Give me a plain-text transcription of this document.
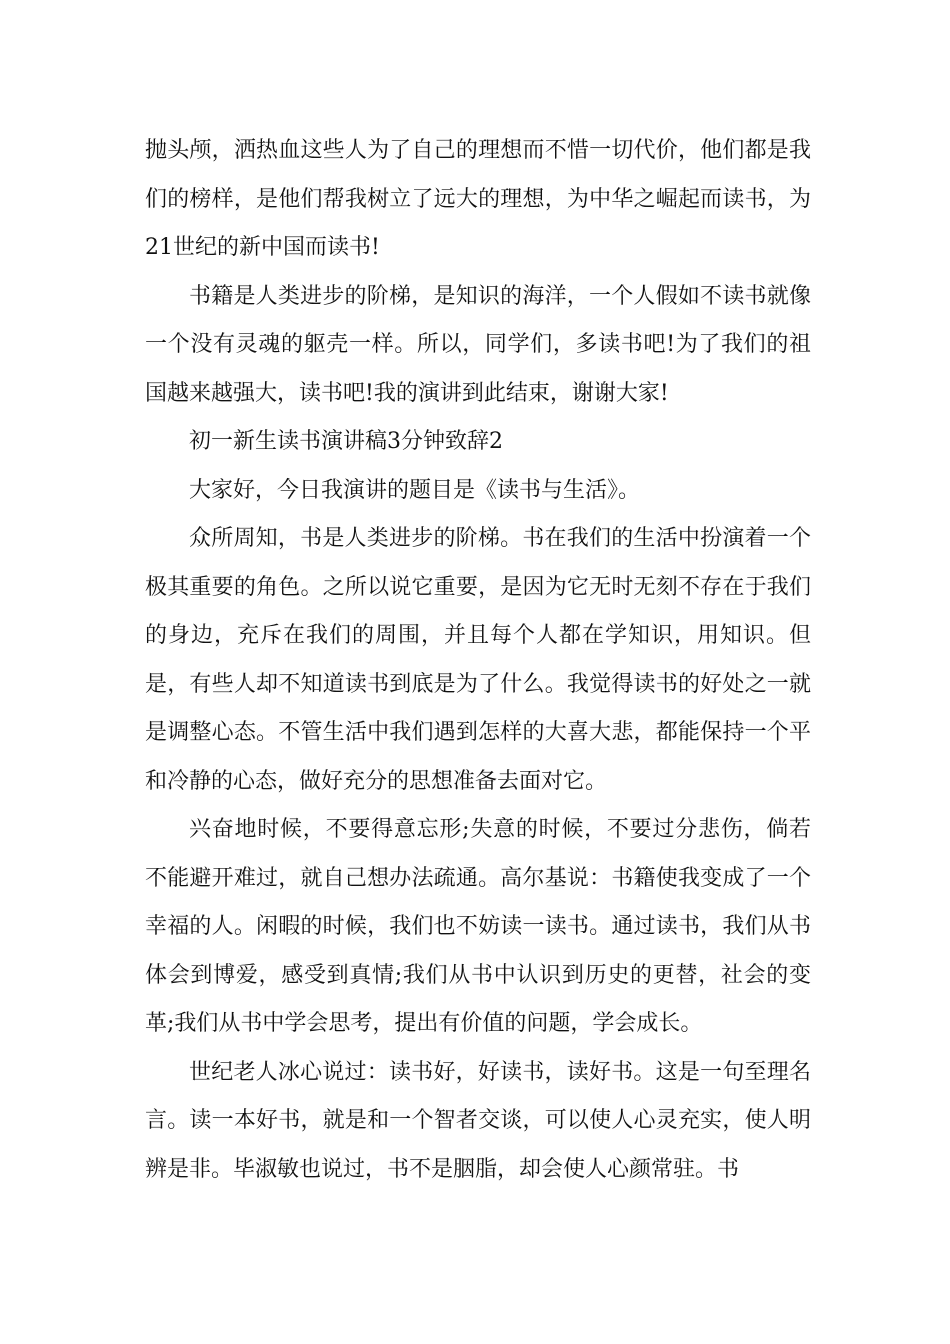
抛头颅，洒热血这些人为了自己的理想而不惜一切代价，他们都是我们的榜样，是他们帮我树立了远大的理想，为中华之崛起而读书，为21世纪的新中国而读书!

书籍是人类进步的阶梯，是知识的海洋，一个人假如不读书就像一个没有灵魂的躯壳一样。所以，同学们，多读书吧!为了我们的祖国越来越强大，读书吧!我的演讲到此结束，谢谢大家!

初一新生读书演讲稿3分钟致辞2

大家好，今日我演讲的题目是《读书与生活》。

众所周知，书是人类进步的阶梯。书在我们的生活中扮演着一个极其重要的角色。之所以说它重要，是因为它无时无刻不存在于我们的身边，充斥在我们的周围，并且每个人都在学知识，用知识。但是，有些人却不知道读书到底是为了什么。我觉得读书的好处之一就是调整心态。不管生活中我们遇到怎样的大喜大悲，都能保持一个平和冷静的心态，做好充分的思想准备去面对它。

兴奋地时候，不要得意忘形;失意的时候，不要过分悲伤，倘若不能避开难过，就自己想办法疏通。高尔基说：书籍使我变成了一个幸福的人。闲暇的时候，我们也不妨读一读书。通过读书，我们从书体会到博爱，感受到真情;我们从书中认识到历史的更替，社会的变革;我们从书中学会思考，提出有价值的问题，学会成长。

世纪老人冰心说过：读书好，好读书，读好书。这是一句至理名言。读一本好书，就是和一个智者交谈，可以使人心灵充实，使人明辨是非。毕淑敏也说过，书不是胭脂，却会使人心颜常驻。书
